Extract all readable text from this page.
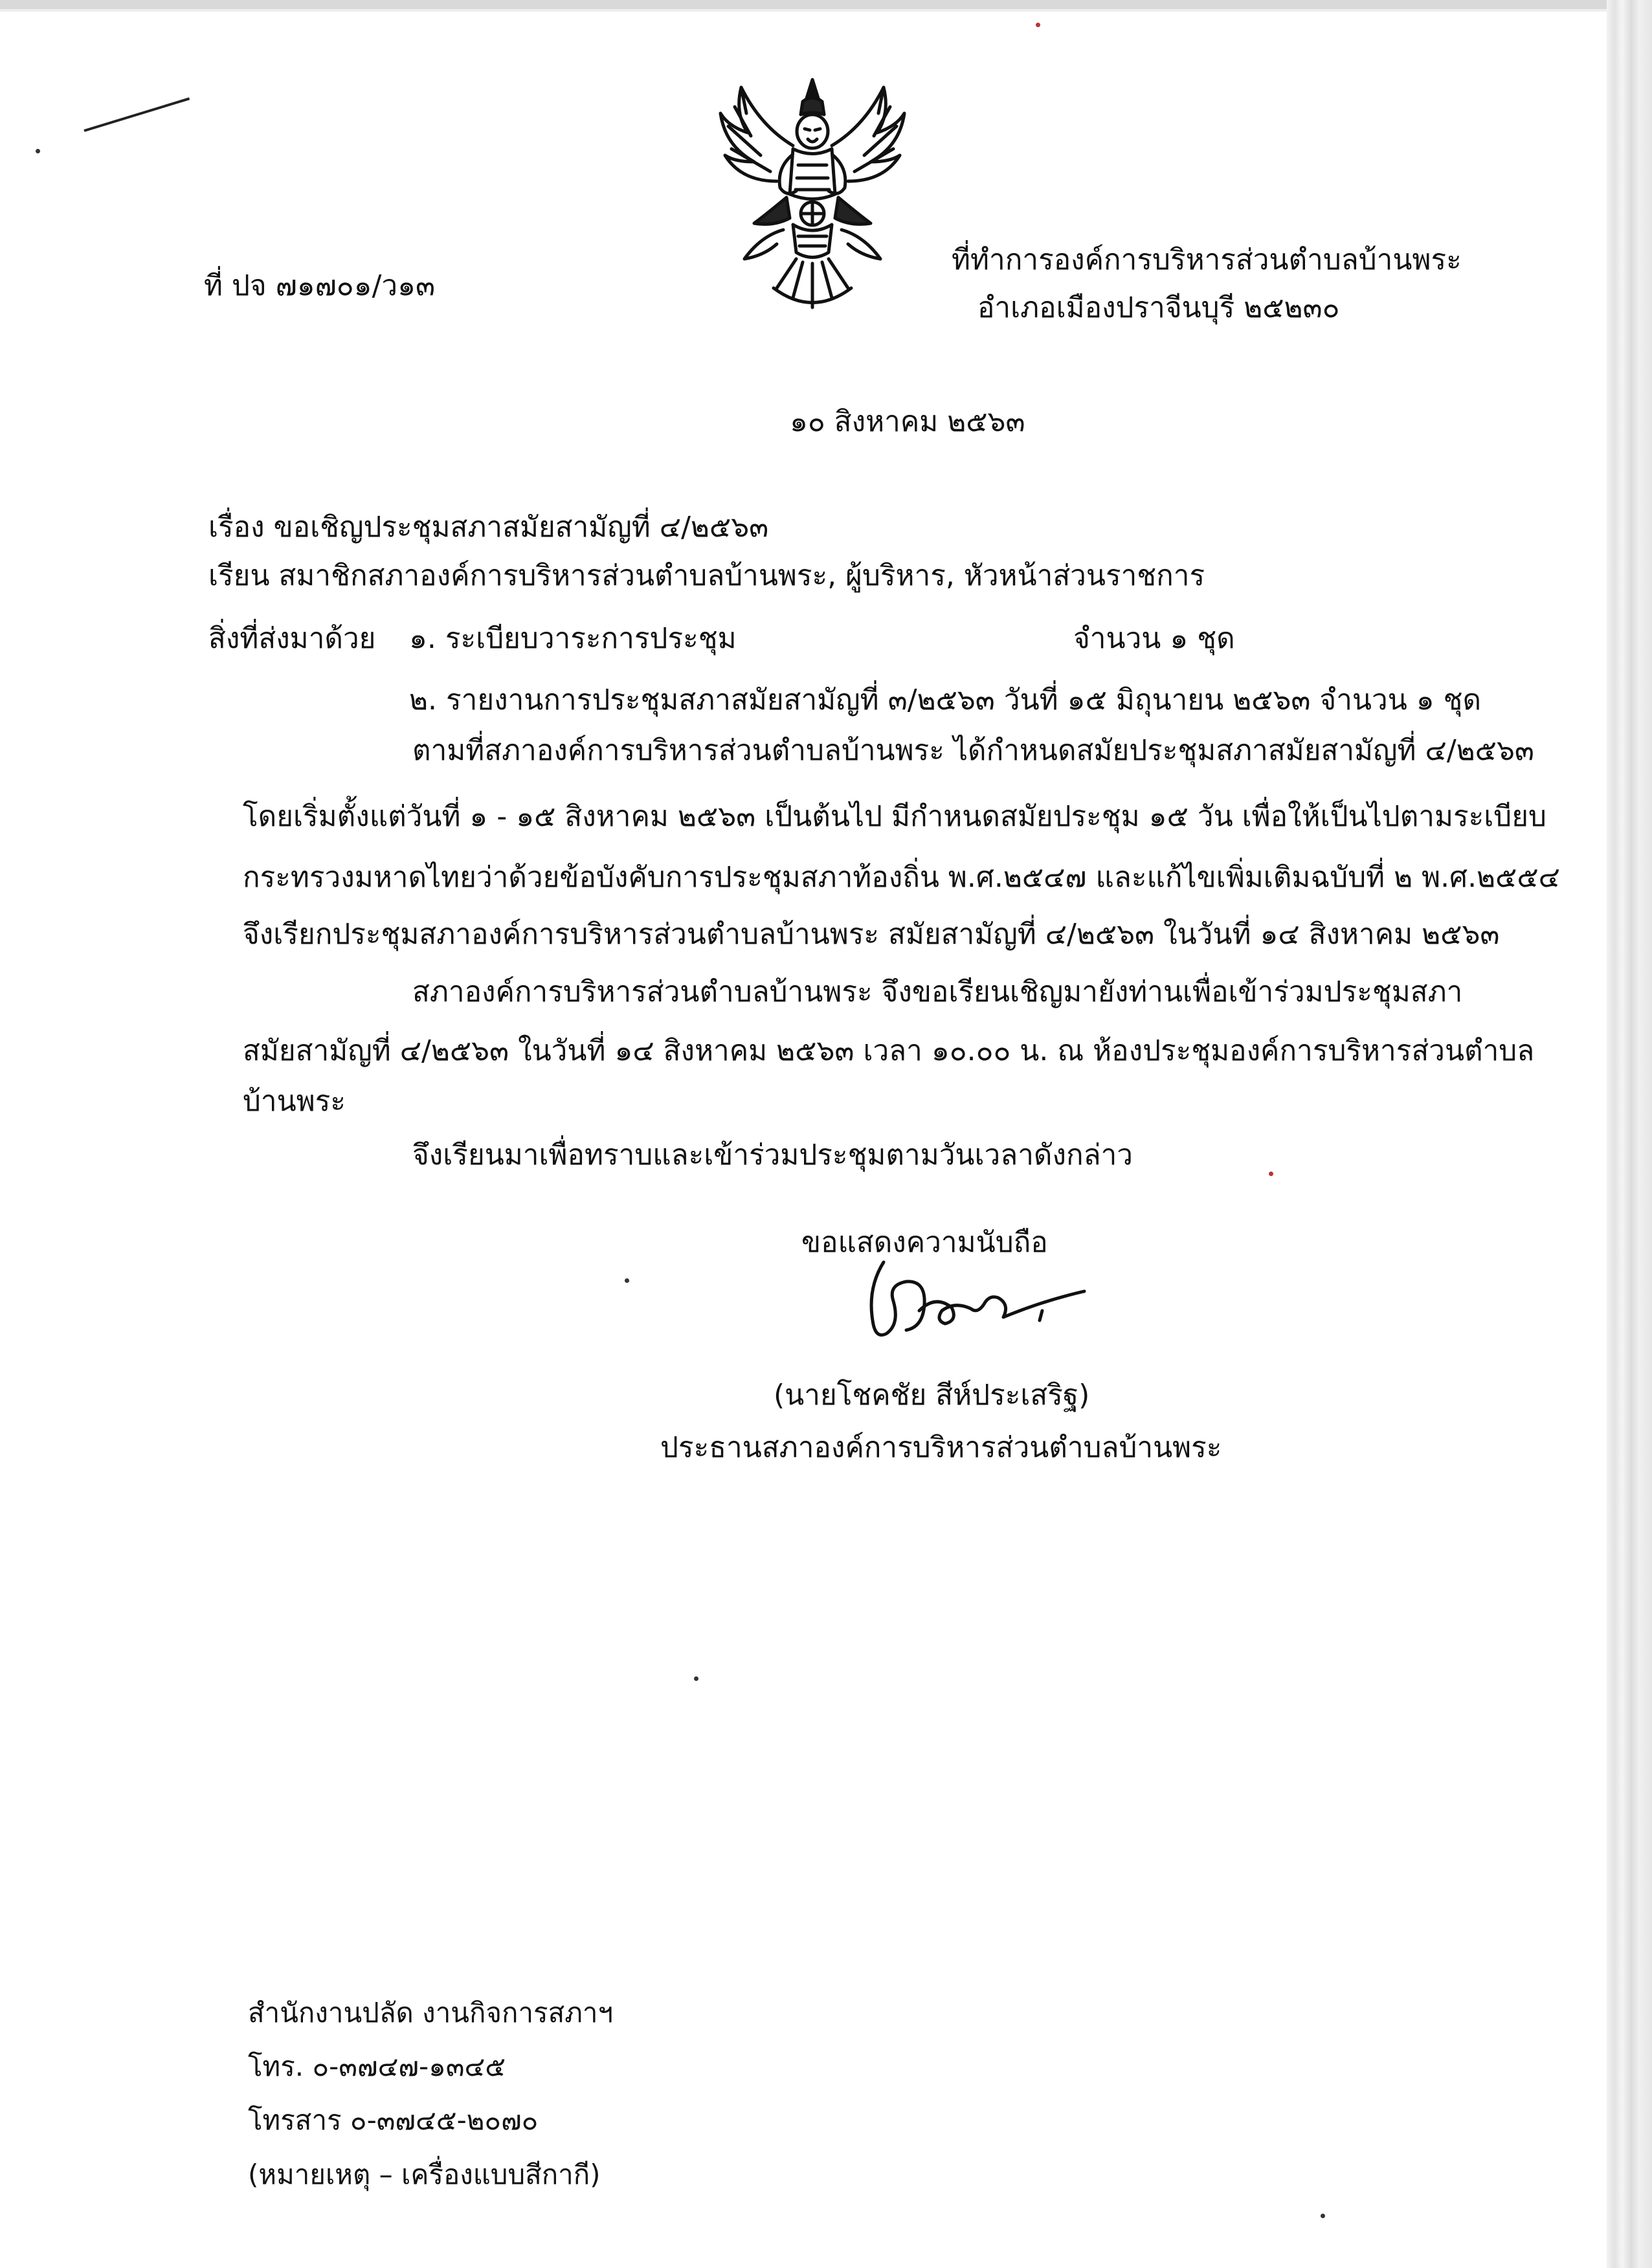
ที่ ปจ ๗๑๗๐๑/ว๑๓
ที่ทำการองค์การบริหารส่วนตำบลบ้านพระ
อำเภอเมืองปราจีนบุรี ๒๕๒๓๐
๑๐ สิงหาคม ๒๕๖๓
เรื่อง ขอเชิญประชุมสภาสมัยสามัญที่ ๔/๒๕๖๓
เรียน สมาชิกสภาองค์การบริหารส่วนตำบลบ้านพระ, ผู้บริหาร, หัวหน้าส่วนราชการ
สิ่งที่ส่งมาด้วย ๑. ระเบียบวาระการประชุม	จำนวน ๑ ชุด
๒. รายงานการประชุมสภาสมัยสามัญที่ ๓/๒๕๖๓ วันที่ ๑๕ มิถุนายน ๒๕๖๓ จำนวน ๑ ชุด
ตามที่สภาองค์การบริหารส่วนตำบลบ้านพระ ได้กำหนดสมัยประชุมสภาสมัยสามัญที่ ๔/๒๕๖๓
โดยเริ่มตั้งแต่วันที่ ๑ - ๑๕ สิงหาคม ๒๕๖๓ เป็นต้นไป มีกำหนดสมัยประชุม ๑๕ วัน เพื่อให้เป็นไปตามระเบียบ
กระทรวงมหาดไทยว่าด้วยข้อบังคับการประชุมสภาท้องถิ่น พ.ศ.๒๕๔๗ และแก้ไขเพิ่มเติมฉบับที่ ๒ พ.ศ.๒๕๕๔
จึงเรียกประชุมสภาองค์การบริหารส่วนตำบลบ้านพระ สมัยสามัญที่ ๔/๒๕๖๓ ในวันที่ ๑๔ สิงหาคม ๒๕๖๓
สภาองค์การบริหารส่วนตำบลบ้านพระ จึงขอเรียนเชิญมายังท่านเพื่อเข้าร่วมประชุมสภา
สมัยสามัญที่ ๔/๒๕๖๓ ในวันที่ ๑๔ สิงหาคม ๒๕๖๓ เวลา ๑๐.๐๐ น. ณ ห้องประชุมองค์การบริหารส่วนตำบล
บ้านพระ
จึงเรียนมาเพื่อทราบและเข้าร่วมประชุมตามวันเวลาดังกล่าว
ขอแสดงความนับถือ
(นายโชคชัย สีห์ประเสริฐ)
ประธานสภาองค์การบริหารส่วนตำบลบ้านพระ
สำนักงานปลัด งานกิจการสภาฯ
โทร. ๐-๓๗๔๗-๑๓๔๕
โทรสาร ๐-๓๗๔๕-๒๐๗๐
(หมายเหตุ – เครื่องแบบสีกากี)
